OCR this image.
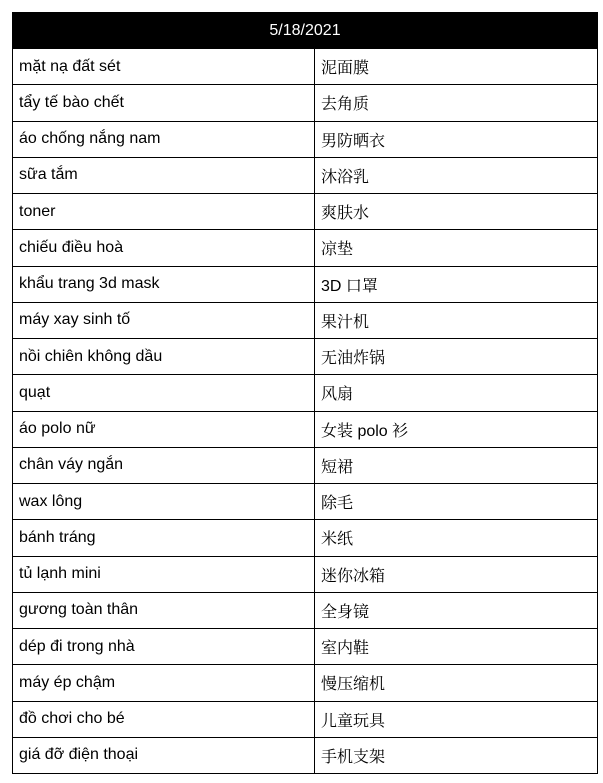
5/18/2021	
mặt nạ đất sét	泥面膜
tẩy tế bào chết	去角质
áo chống nắng nam	男防晒衣
sữa tắm	沐浴乳
toner	爽肤水
chiếu điều hoà	凉垫
khẩu trang 3d mask	3D 口罩
máy xay sinh tố	果汁机
nồi chiên không dầu	无油炸锅
quạt	风扇
áo polo nữ	女装 polo 衫
chân váy ngắn	短裙
wax lông	除毛
bánh tráng	米纸
tủ lạnh mini	迷你冰箱
gương toàn thân	全身镜
dép đi trong nhà	室内鞋
máy ép chậm	慢压缩机
đồ chơi cho bé	儿童玩具
giá đỡ điện thoại	手机支架
